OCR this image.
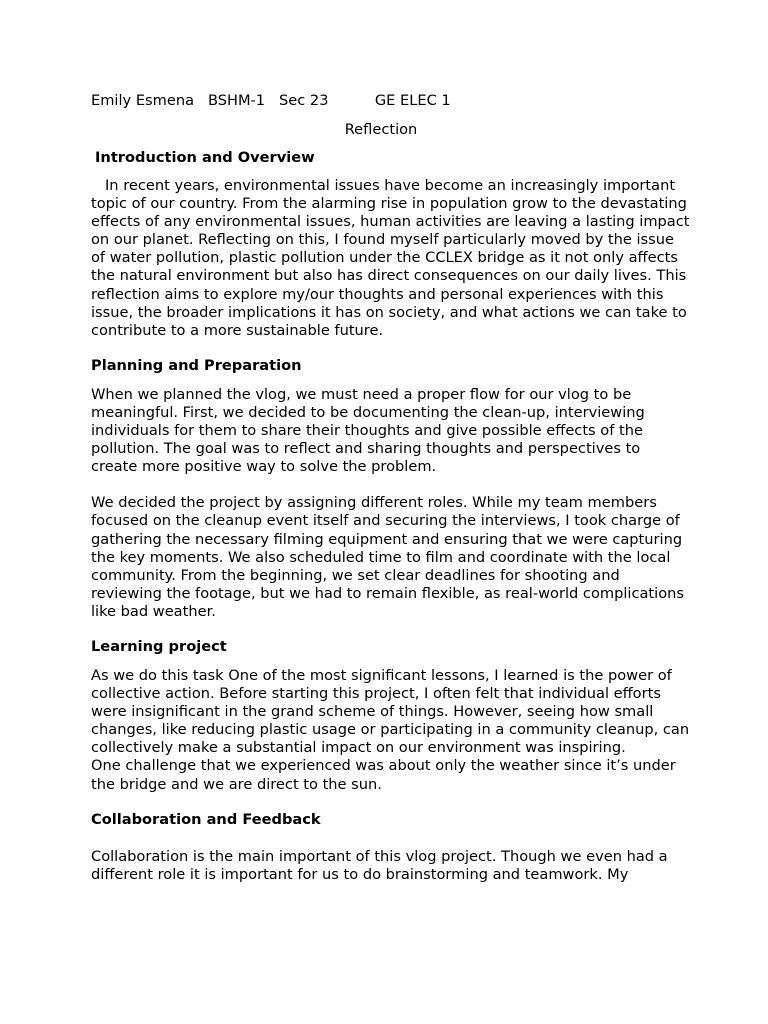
Emily Esmena   BSHM-1   Sec 23          GE ELEC 1

Reflection

Introduction and Overview

In recent years, environmental issues have become an increasingly important topic of our country. From the alarming rise in population grow to the devastating effects of any environmental issues, human activities are leaving a lasting impact on our planet. Reflecting on this, I found myself particularly moved by the issue of water pollution, plastic pollution under the CCLEX bridge as it not only affects the natural environment but also has direct consequences on our daily lives. This reflection aims to explore my/our thoughts and personal experiences with this issue, the broader implications it has on society, and what actions we can take to contribute to a more sustainable future.

Planning and Preparation

When we planned the vlog, we must need a proper flow for our vlog to be meaningful. First, we decided to be documenting the clean-up, interviewing individuals for them to share their thoughts and give possible effects of the pollution. The goal was to reflect and sharing thoughts and perspectives to create more positive way to solve the problem.

We decided the project by assigning different roles. While my team members focused on the cleanup event itself and securing the interviews, I took charge of gathering the necessary filming equipment and ensuring that we were capturing the key moments. We also scheduled time to film and coordinate with the local community. From the beginning, we set clear deadlines for shooting and reviewing the footage, but we had to remain flexible, as real-world complications like bad weather.

Learning project

As we do this task One of the most significant lessons, I learned is the power of collective action. Before starting this project, I often felt that individual efforts were insignificant in the grand scheme of things. However, seeing how small changes, like reducing plastic usage or participating in a community cleanup, can collectively make a substantial impact on our environment was inspiring.

One challenge that we experienced was about only the weather since it’s under the bridge and we are direct to the sun.

Collaboration and Feedback

Collaboration is the main important of this vlog project. Though we even had a different role it is important for us to do brainstorming and teamwork. My
